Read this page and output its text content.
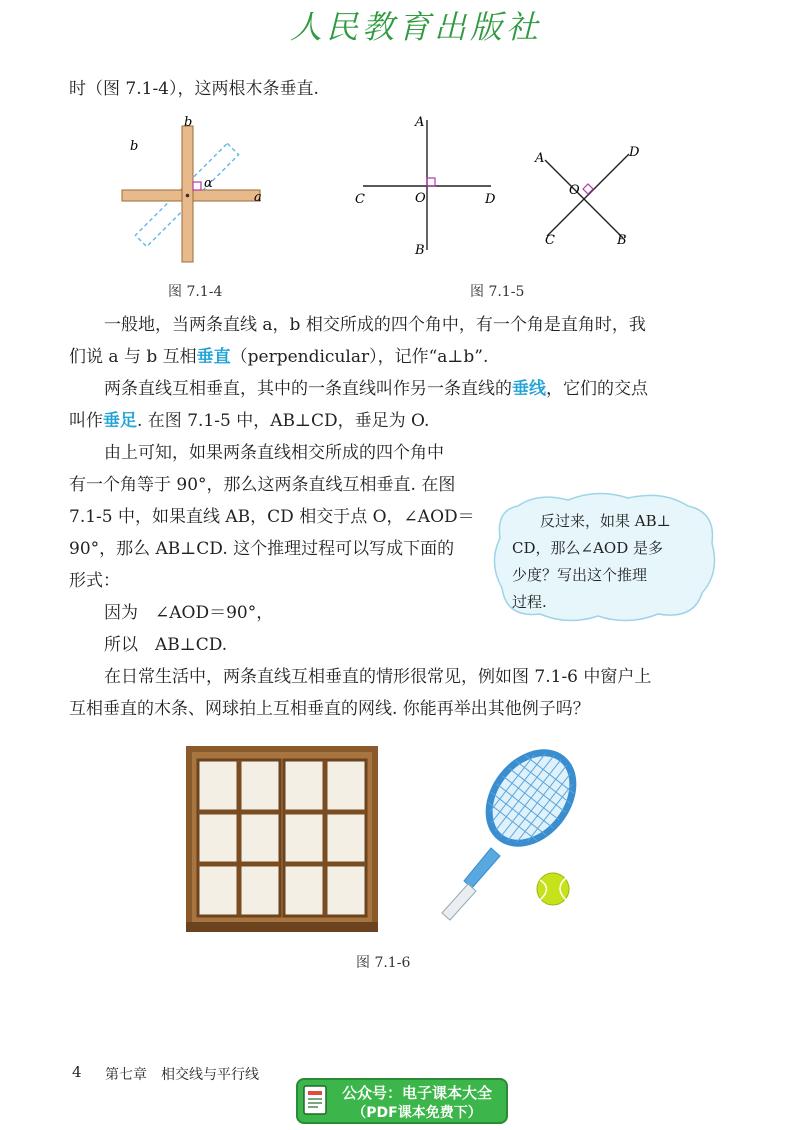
人民教育出版社
时（图 7.1-4），这两根木条垂直.
b
b
a
α
图 7.1-4
A
B
C	D
O
A	D
C	B
O
图 7.1-5
一般地，当两条直线 a，b 相交所成的四个角中，有一个角是直角时，我
们说 a 与 b 互相垂直（perpendicular），记作“a⊥b”.
两条直线互相垂直，其中的一条直线叫作另一条直线的垂线，它们的交点
叫作垂足. 在图 7.1-5 中，AB⊥CD，垂足为 O.
由上可知，如果两条直线相交所成的四个角中
有一个角等于 90°，那么这两条直线互相垂直. 在图
7.1-5 中，如果直线 AB，CD 相交于点 O，∠AOD＝
90°，那么 AB⊥CD. 这个推理过程可以写成下面的
形式：
因为　∠AOD＝90°，
所以　AB⊥CD.
反过来，如果 AB⊥
CD，那么∠AOD 是多
少度？写出这个推理
过程.
在日常生活中，两条直线互相垂直的情形很常见，例如图 7.1-6 中窗户上
互相垂直的木条、网球拍上互相垂直的网线. 你能再举出其他例子吗？
图 7.1-6
4 第七章　相交线与平行线
公众号：电子课本大全
（PDF课本免费下）
